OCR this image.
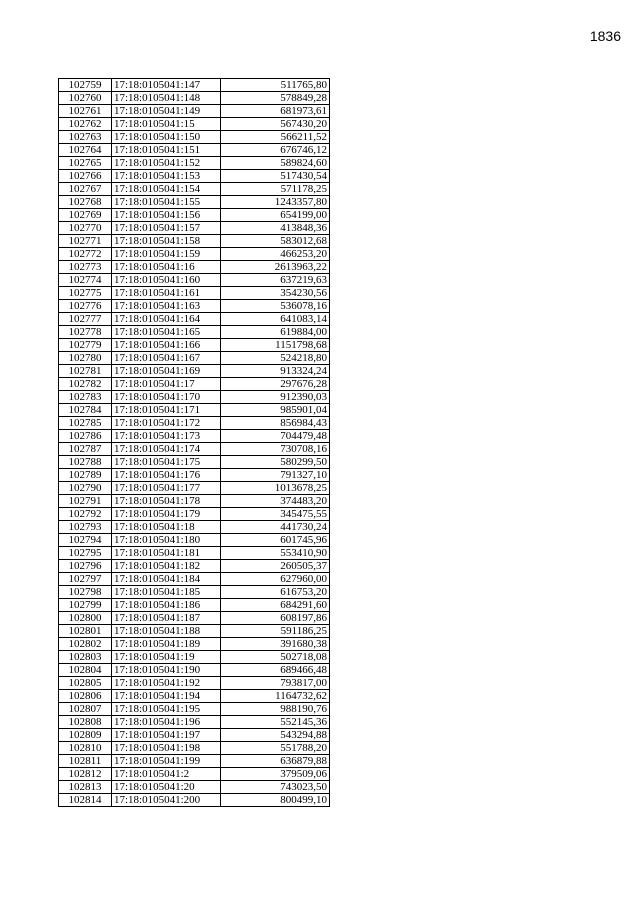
1836
102759	17:18:0105041:147	511765,80
102760	17:18:0105041:148	578849,28
102761	17:18:0105041:149	681973,61
102762	17:18:0105041:15	567430,20
102763	17:18:0105041:150	566211,52
102764	17:18:0105041:151	676746,12
102765	17:18:0105041:152	589824,60
102766	17:18:0105041:153	517430,54
102767	17:18:0105041:154	571178,25
102768	17:18:0105041:155	1243357,80
102769	17:18:0105041:156	654199,00
102770	17:18:0105041:157	413848,36
102771	17:18:0105041:158	583012,68
102772	17:18:0105041:159	466253,20
102773	17:18:0105041:16	2613963,22
102774	17:18:0105041:160	637219,63
102775	17:18:0105041:161	354230,56
102776	17:18:0105041:163	536078,16
102777	17:18:0105041:164	641083,14
102778	17:18:0105041:165	619884,00
102779	17:18:0105041:166	1151798,68
102780	17:18:0105041:167	524218,80
102781	17:18:0105041:169	913324,24
102782	17:18:0105041:17	297676,28
102783	17:18:0105041:170	912390,03
102784	17:18:0105041:171	985901,04
102785	17:18:0105041:172	856984,43
102786	17:18:0105041:173	704479,48
102787	17:18:0105041:174	730708,16
102788	17:18:0105041:175	580299,50
102789	17:18:0105041:176	791327,10
102790	17:18:0105041:177	1013678,25
102791	17:18:0105041:178	374483,20
102792	17:18:0105041:179	345475,55
102793	17:18:0105041:18	441730,24
102794	17:18:0105041:180	601745,96
102795	17:18:0105041:181	553410,90
102796	17:18:0105041:182	260505,37
102797	17:18:0105041:184	627960,00
102798	17:18:0105041:185	616753,20
102799	17:18:0105041:186	684291,60
102800	17:18:0105041:187	608197,86
102801	17:18:0105041:188	591186,25
102802	17:18:0105041:189	391680,38
102803	17:18:0105041:19	502718,08
102804	17:18:0105041:190	689466,48
102805	17:18:0105041:192	793817,00
102806	17:18:0105041:194	1164732,62
102807	17:18:0105041:195	988190,76
102808	17:18:0105041:196	552145,36
102809	17:18:0105041:197	543294,88
102810	17:18:0105041:198	551788,20
102811	17:18:0105041:199	636879,88
102812	17:18:0105041:2	379509,06
102813	17:18:0105041:20	743023,50
102814	17:18:0105041:200	800499,10
